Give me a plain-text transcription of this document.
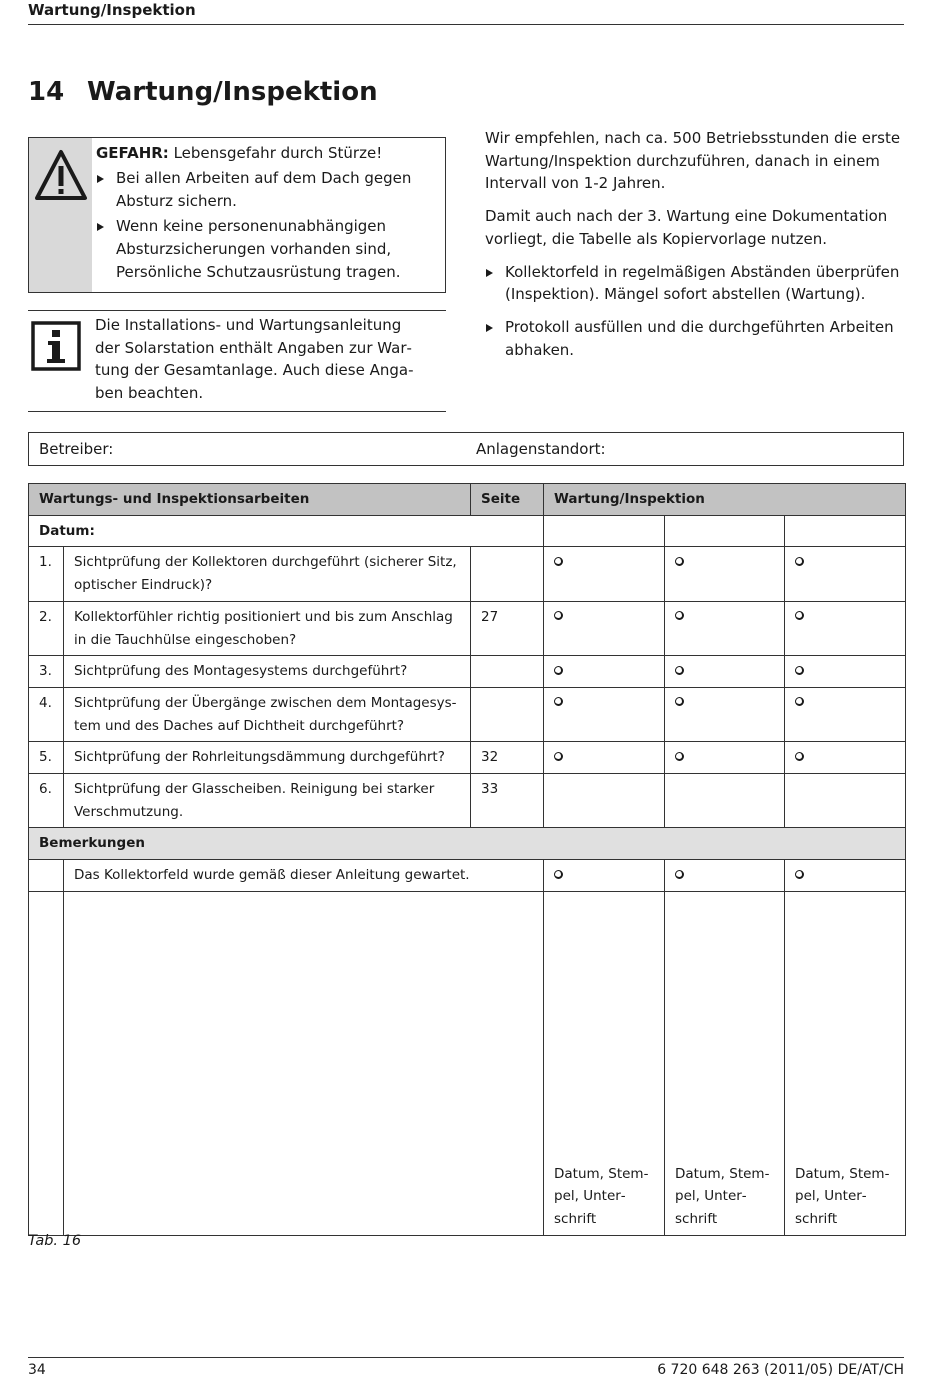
Wartung/Inspektion
14 Wartung/Inspektion
GEFAHR: Lebensgefahr durch Stürze!
Bei allen Arbeiten auf dem Dach gegen Absturz sichern.
Wenn keine personenunabhängigen Absturzsicherungen vorhanden sind, Persönliche Schutzausrüstung tragen.
Die Installations- und Wartungsanleitung der Solarstation enthält Angaben zur Wartung der Gesamtanlage. Auch diese Angaben beachten.

Wir empfehlen, nach ca. 500 Betriebsstunden die erste Wartung/Inspektion durchzuführen, danach in einem Intervall von 1-2 Jahren.

Damit auch nach der 3. Wartung eine Dokumentation vorliegt, die Tabelle als Kopiervorlage nutzen.

Kollektorfeld in regelmäßigen Abständen überprüfen (Inspektion). Mängel sofort abstellen (Wartung).
Protokoll ausfüllen und die durchgeführten Arbeiten abhaken.
Betreiber:	Anlagenstandort:
Wartungs- und Inspektionsarbeiten		Seite	Wartung/Inspektion		
Datum:					
1.	Sichtprüfung der Kollektoren durchgeführt (sicherer Sitz, optischer Eindruck)?				
2.	Kollektorfühler richtig positioniert und bis zum Anschlag in die Tauchhülse eingeschoben?	27			
3.	Sichtprüfung des Montagesystems durchgeführt?				
4.	Sichtprüfung der Übergänge zwischen dem Montagesystem und des Daches auf Dichtheit durchgeführt?				
5.	Sichtprüfung der Rohrleitungsdämmung durchgeführt?	32			
6.	Sichtprüfung der Glasscheiben. Reinigung bei starker Verschmutzung.	33			
Bemerkungen					
	Das Kollektorfeld wurde gemäß dieser Anleitung gewartet.				

			Datum, Stempel, Unterschrift	Datum, Stempel, Unterschrift	Datum, Stempel, Unterschrift
Tab. 16
34	6 720 648 263 (2011/05) DE/AT/CH
